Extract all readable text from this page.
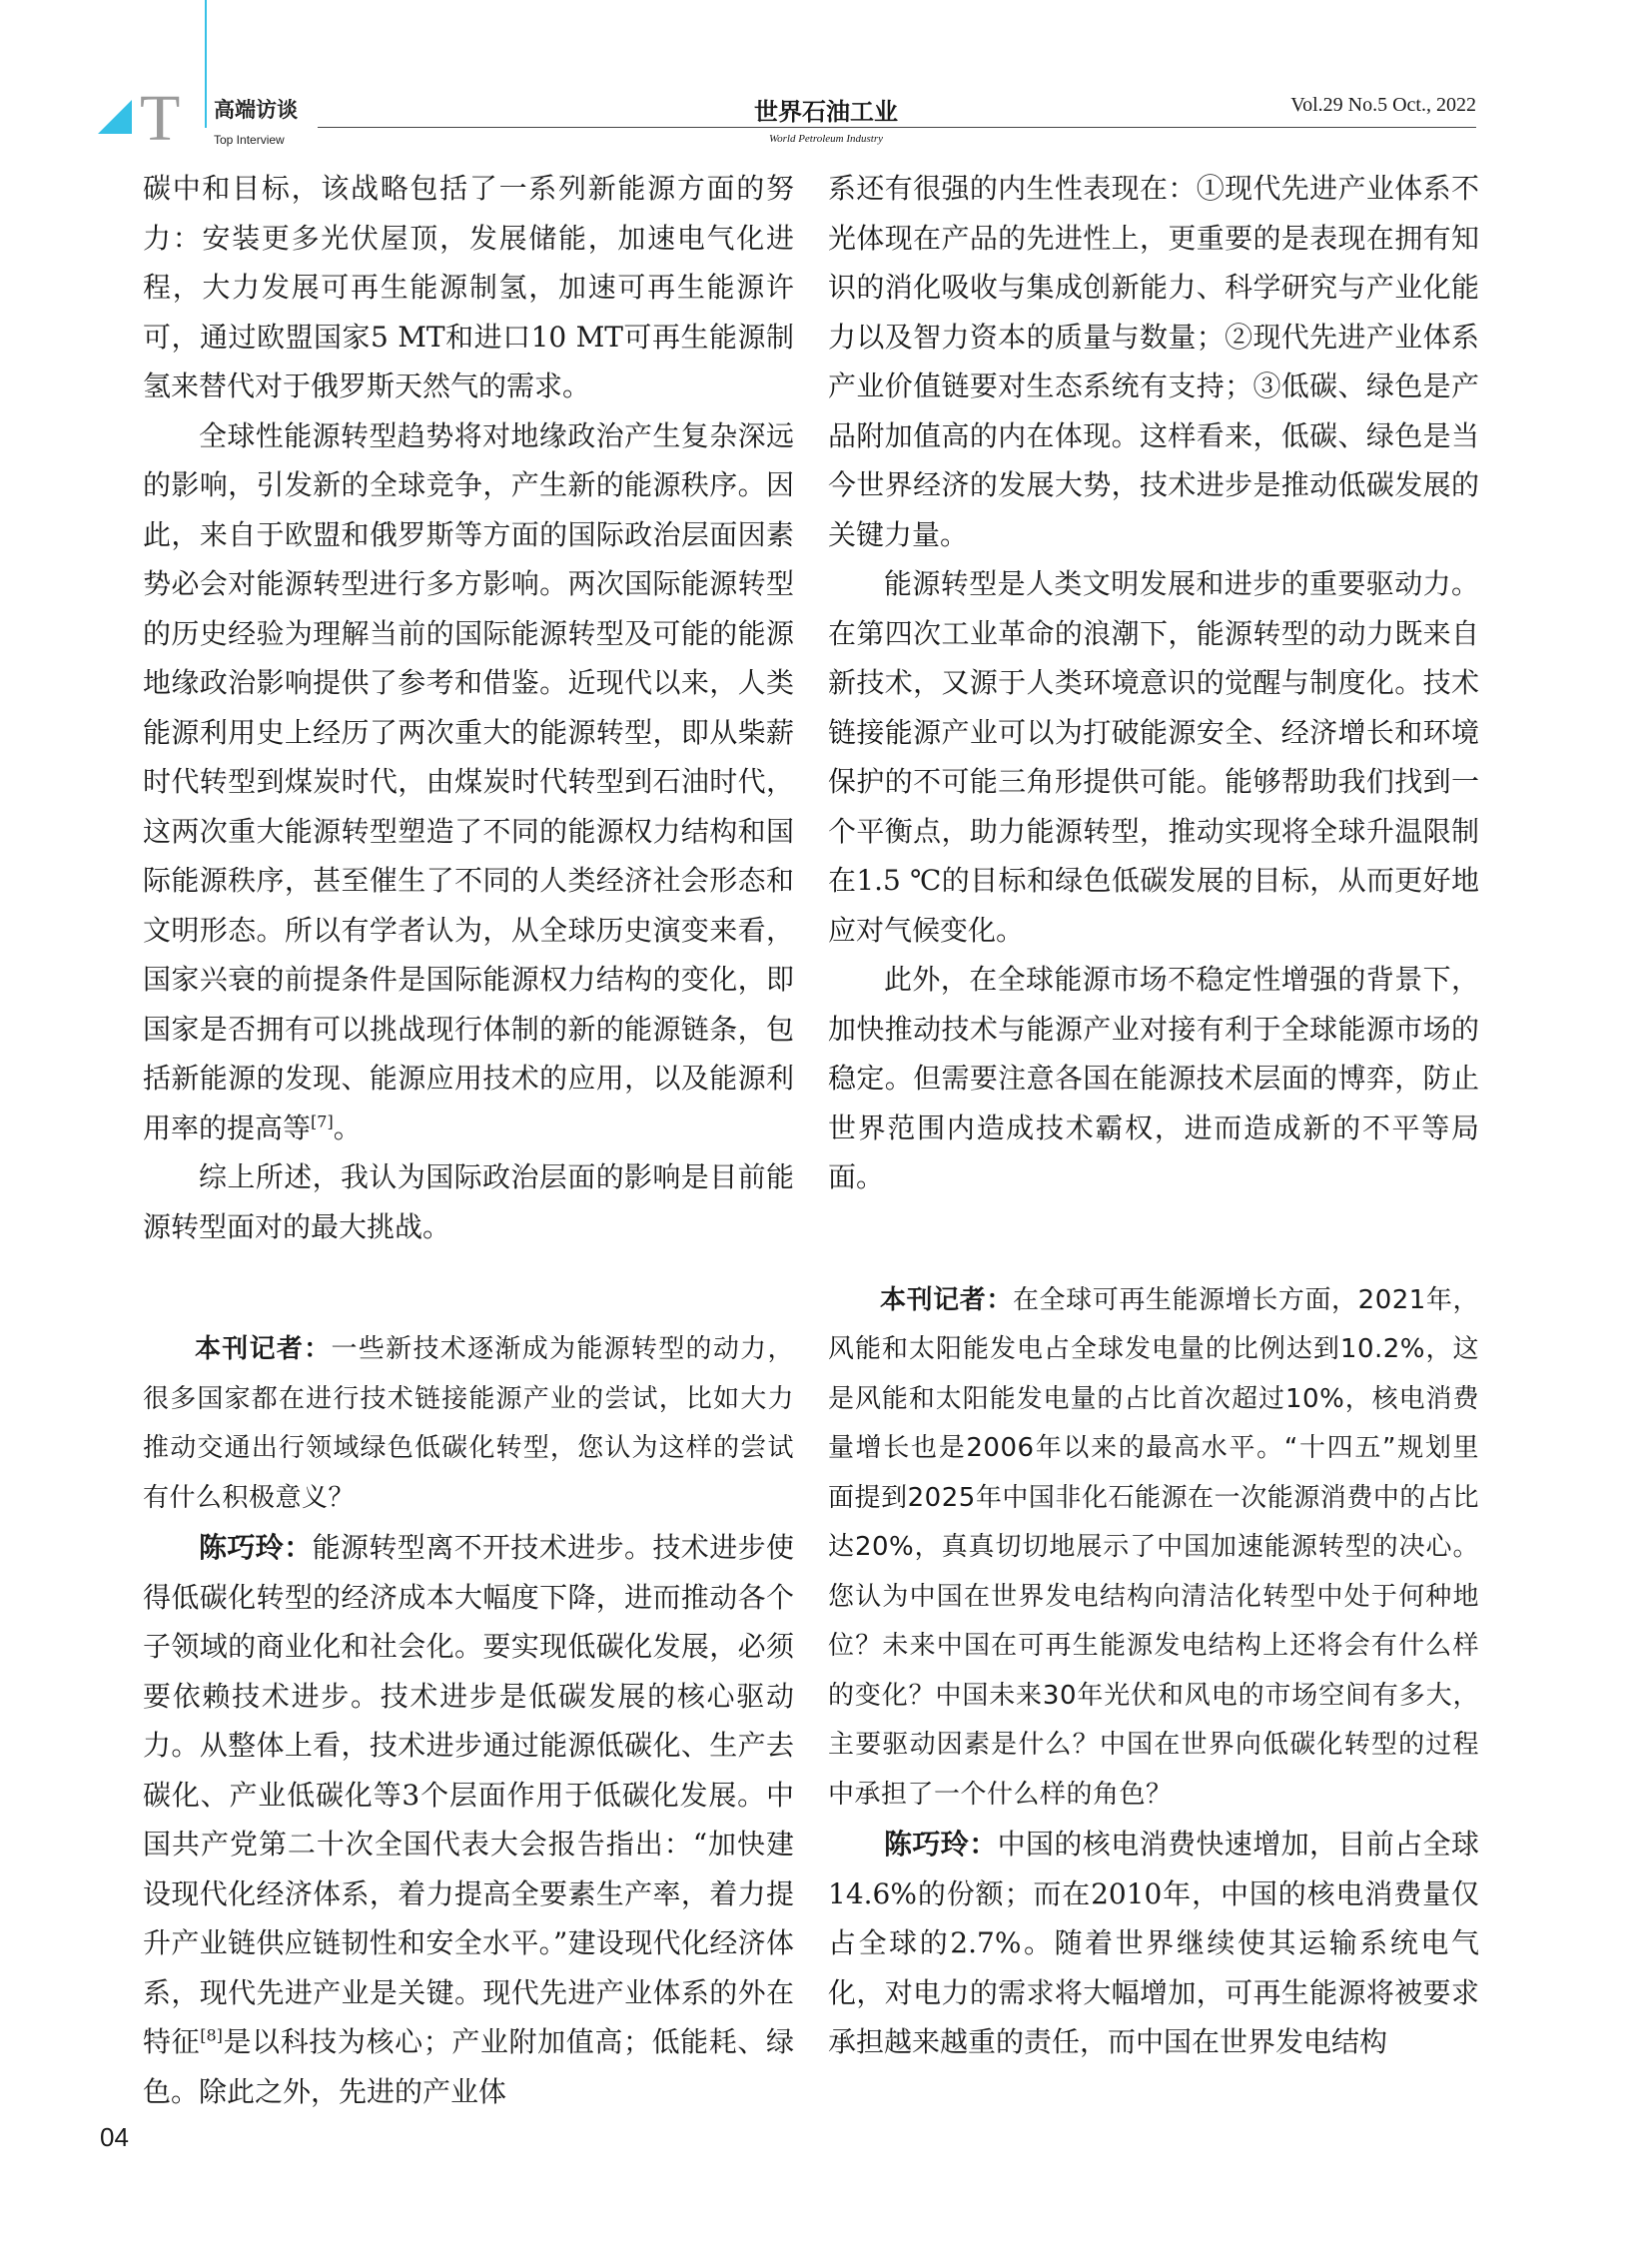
T 高端访谈
Top Interview
世界石油工业
World Petroleum Industry
Vol.29 No.5 Oct., 2022

碳中和目标，该战略包括了一系列新能源方面的努力：安装更多光伏屋顶，发展储能，加速电气化进程，大力发展可再生能源制氢，加速可再生能源许可，通过欧盟国家5 MT和进口10 MT可再生能源制氢来替代对于俄罗斯天然气的需求。

全球性能源转型趋势将对地缘政治产生复杂深远的影响，引发新的全球竞争，产生新的能源秩序。因此，来自于欧盟和俄罗斯等方面的国际政治层面因素势必会对能源转型进行多方影响。两次国际能源转型的历史经验为理解当前的国际能源转型及可能的能源地缘政治影响提供了参考和借鉴。近现代以来，人类能源利用史上经历了两次重大的能源转型，即从柴薪时代转型到煤炭时代，由煤炭时代转型到石油时代，这两次重大能源转型塑造了不同的能源权力结构和国际能源秩序，甚至催生了不同的人类经济社会形态和文明形态。所以有学者认为，从全球历史演变来看，国家兴衰的前提条件是国际能源权力结构的变化，即国家是否拥有可以挑战现行体制的新的能源链条，包括新能源的发现、能源应用技术的应用，以及能源利用率的提高等[7]。

综上所述，我认为国际政治层面的影响是目前能源转型面对的最大挑战。

本刊记者：一些新技术逐渐成为能源转型的动力，很多国家都在进行技术链接能源产业的尝试，比如大力推动交通出行领域绿色低碳化转型，您认为这样的尝试有什么积极意义？

陈巧玲：能源转型离不开技术进步。技术进步使得低碳化转型的经济成本大幅度下降，进而推动各个子领域的商业化和社会化。要实现低碳化发展，必须要依赖技术进步。技术进步是低碳发展的核心驱动力。从整体上看，技术进步通过能源低碳化、生产去碳化、产业低碳化等3个层面作用于低碳化发展。中国共产党第二十次全国代表大会报告指出：“加快建设现代化经济体系，着力提高全要素生产率，着力提升产业链供应链韧性和安全水平。”建设现代化经济体系，现代先进产业是关键。现代先进产业体系的外在特征[8]是以科技为核心；产业附加值高；低能耗、绿色。除此之外，先进的产业体

系还有很强的内生性表现在：①现代先进产业体系不光体现在产品的先进性上，更重要的是表现在拥有知识的消化吸收与集成创新能力、科学研究与产业化能力以及智力资本的质量与数量；②现代先进产业体系产业价值链要对生态系统有支持；③低碳、绿色是产品附加值高的内在体现。这样看来，低碳、绿色是当今世界经济的发展大势，技术进步是推动低碳发展的关键力量。

能源转型是人类文明发展和进步的重要驱动力。在第四次工业革命的浪潮下，能源转型的动力既来自新技术，又源于人类环境意识的觉醒与制度化。技术链接能源产业可以为打破能源安全、经济增长和环境保护的不可能三角形提供可能。能够帮助我们找到一个平衡点，助力能源转型，推动实现将全球升温限制在1.5 ℃的目标和绿色低碳发展的目标，从而更好地应对气候变化。

此外，在全球能源市场不稳定性增强的背景下，加快推动技术与能源产业对接有利于全球能源市场的稳定。但需要注意各国在能源技术层面的博弈，防止世界范围内造成技术霸权，进而造成新的不平等局面。

本刊记者：在全球可再生能源增长方面，2021年，风能和太阳能发电占全球发电量的比例达到10.2%，这是风能和太阳能发电量的占比首次超过10%，核电消费量增长也是2006年以来的最高水平。“十四五”规划里面提到2025年中国非化石能源在一次能源消费中的占比达20%，真真切切地展示了中国加速能源转型的决心。您认为中国在世界发电结构向清洁化转型中处于何种地位？未来中国在可再生能源发电结构上还将会有什么样的变化？中国未来30年光伏和风电的市场空间有多大，主要驱动因素是什么？中国在世界向低碳化转型的过程中承担了一个什么样的角色？

陈巧玲：中国的核电消费快速增加，目前占全球14.6%的份额；而在2010年，中国的核电消费量仅占全球的2.7%。随着世界继续使其运输系统电气化，对电力的需求将大幅增加，可再生能源将被要求承担越来越重的责任，而中国在世界发电结构

04
